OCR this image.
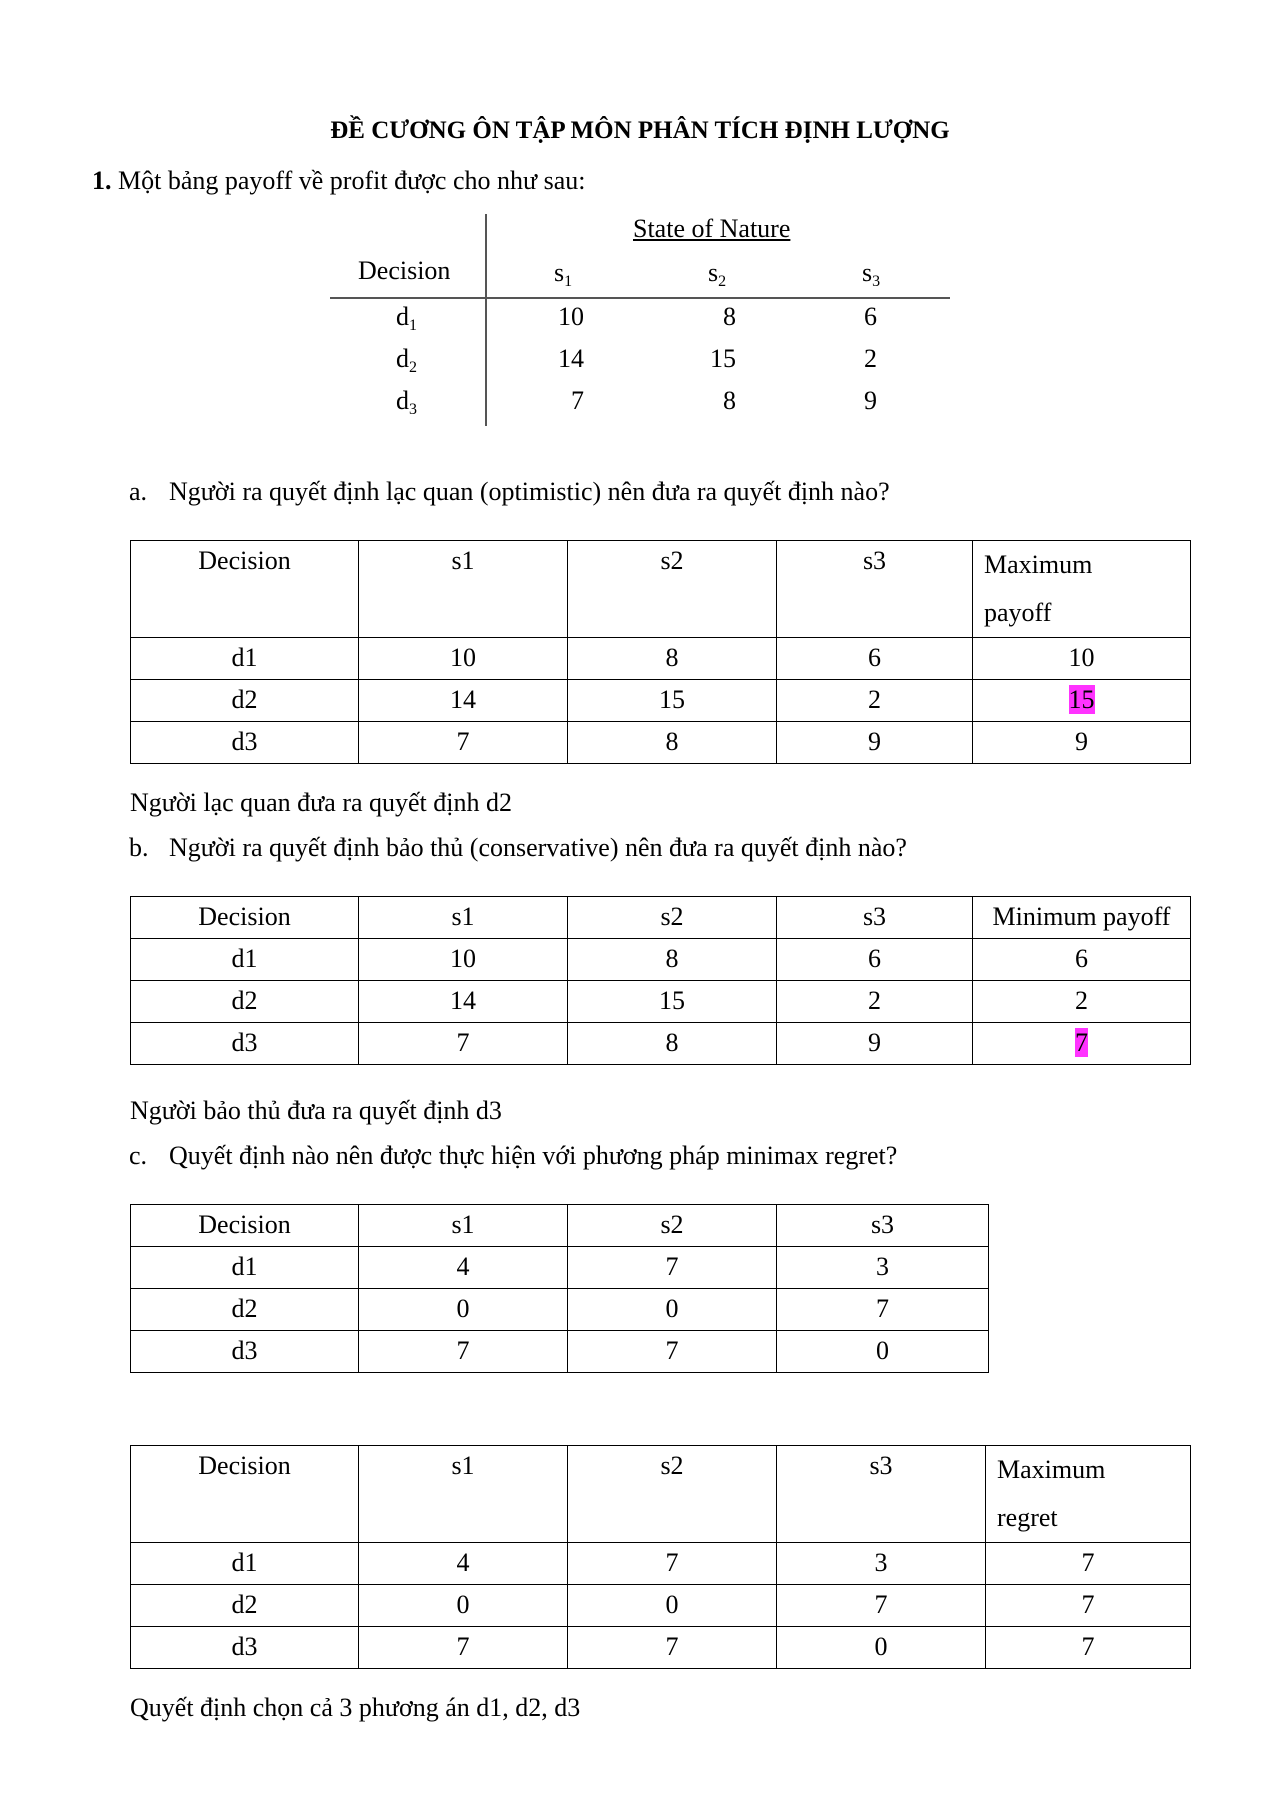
ĐỀ CƯƠNG ÔN TẬP MÔN PHÂN TÍCH ĐỊNH LƯỢNG
1. Một bảng payoff về profit được cho như sau:
State of Nature
Decision	$s_1$	$s_2$	$s_3$
$d_1$	10	8	6
$d_2$	14	15	2
$d_3$	7	8	9
a. Người ra quyết định lạc quan (optimistic) nên đưa ra quyết định nào?
Decision	s1	s2	s3	Maximum
payoff
d1	10	8	6	10
d2	14	15	2	15
d3	7	8	9	9
Người lạc quan đưa ra quyết định d2
b. Người ra quyết định bảo thủ (conservative) nên đưa ra quyết định nào?
Decision	s1	s2	s3	Minimum payoff
d1	10	8	6	6
d2	14	15	2	2
d3	7	8	9	7
Người bảo thủ đưa ra quyết định d3
c. Quyết định nào nên được thực hiện với phương pháp minimax regret?
Decision	s1	s2	s3
d1	4	7	3
d2	0	0	7
d3	7	7	0
Decision	s1	s2	s3	Maximum
regret
d1	4	7	3	7
d2	0	0	7	7
d3	7	7	0	7
Quyết định chọn cả 3 phương án d1, d2, d3
